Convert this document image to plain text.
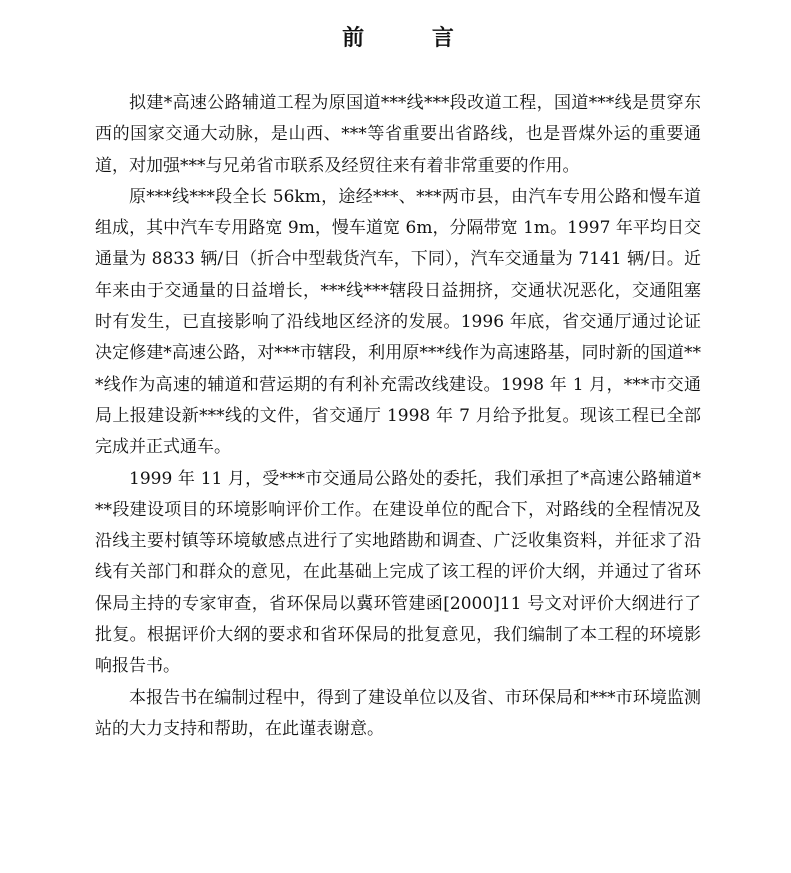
前 言

拟建*高速公路辅道工程为原国道***线***段改道工程，国道***线是贯穿东西的国家交通大动脉，是山西、***等省重要出省路线，也是晋煤外运的重要通道，对加强***与兄弟省市联系及经贸往来有着非常重要的作用。

原***线***段全长 56km，途经***、***两市县，由汽车专用公路和慢车道组成，其中汽车专用路宽 9m，慢车道宽 6m，分隔带宽 1m。1997 年平均日交通量为 8833 辆/日（折合中型载货汽车，下同），汽车交通量为 7141 辆/日。近年来由于交通量的日益增长，***线***辖段日益拥挤，交通状况恶化，交通阻塞时有发生，已直接影响了沿线地区经济的发展。1996 年底，省交通厅通过论证决定修建*高速公路，对***市辖段，利用原***线作为高速路基，同时新的国道***线作为高速的辅道和营运期的有利补充需改线建设。1998 年 1 月，***市交通局上报建设新***线的文件，省交通厅 1998 年 7 月给予批复。现该工程已全部完成并正式通车。

1999 年 11 月，受***市交通局公路处的委托，我们承担了*高速公路辅道***段建设项目的环境影响评价工作。在建设单位的配合下，对路线的全程情况及沿线主要村镇等环境敏感点进行了实地踏勘和调查、广泛收集资料，并征求了沿线有关部门和群众的意见，在此基础上完成了该工程的评价大纲，并通过了省环保局主持的专家审查，省环保局以冀环管建函[2000]11 号文对评价大纲进行了批复。根据评价大纲的要求和省环保局的批复意见，我们编制了本工程的环境影响报告书。

本报告书在编制过程中，得到了建设单位以及省、市环保局和***市环境监测站的大力支持和帮助，在此谨表谢意。
